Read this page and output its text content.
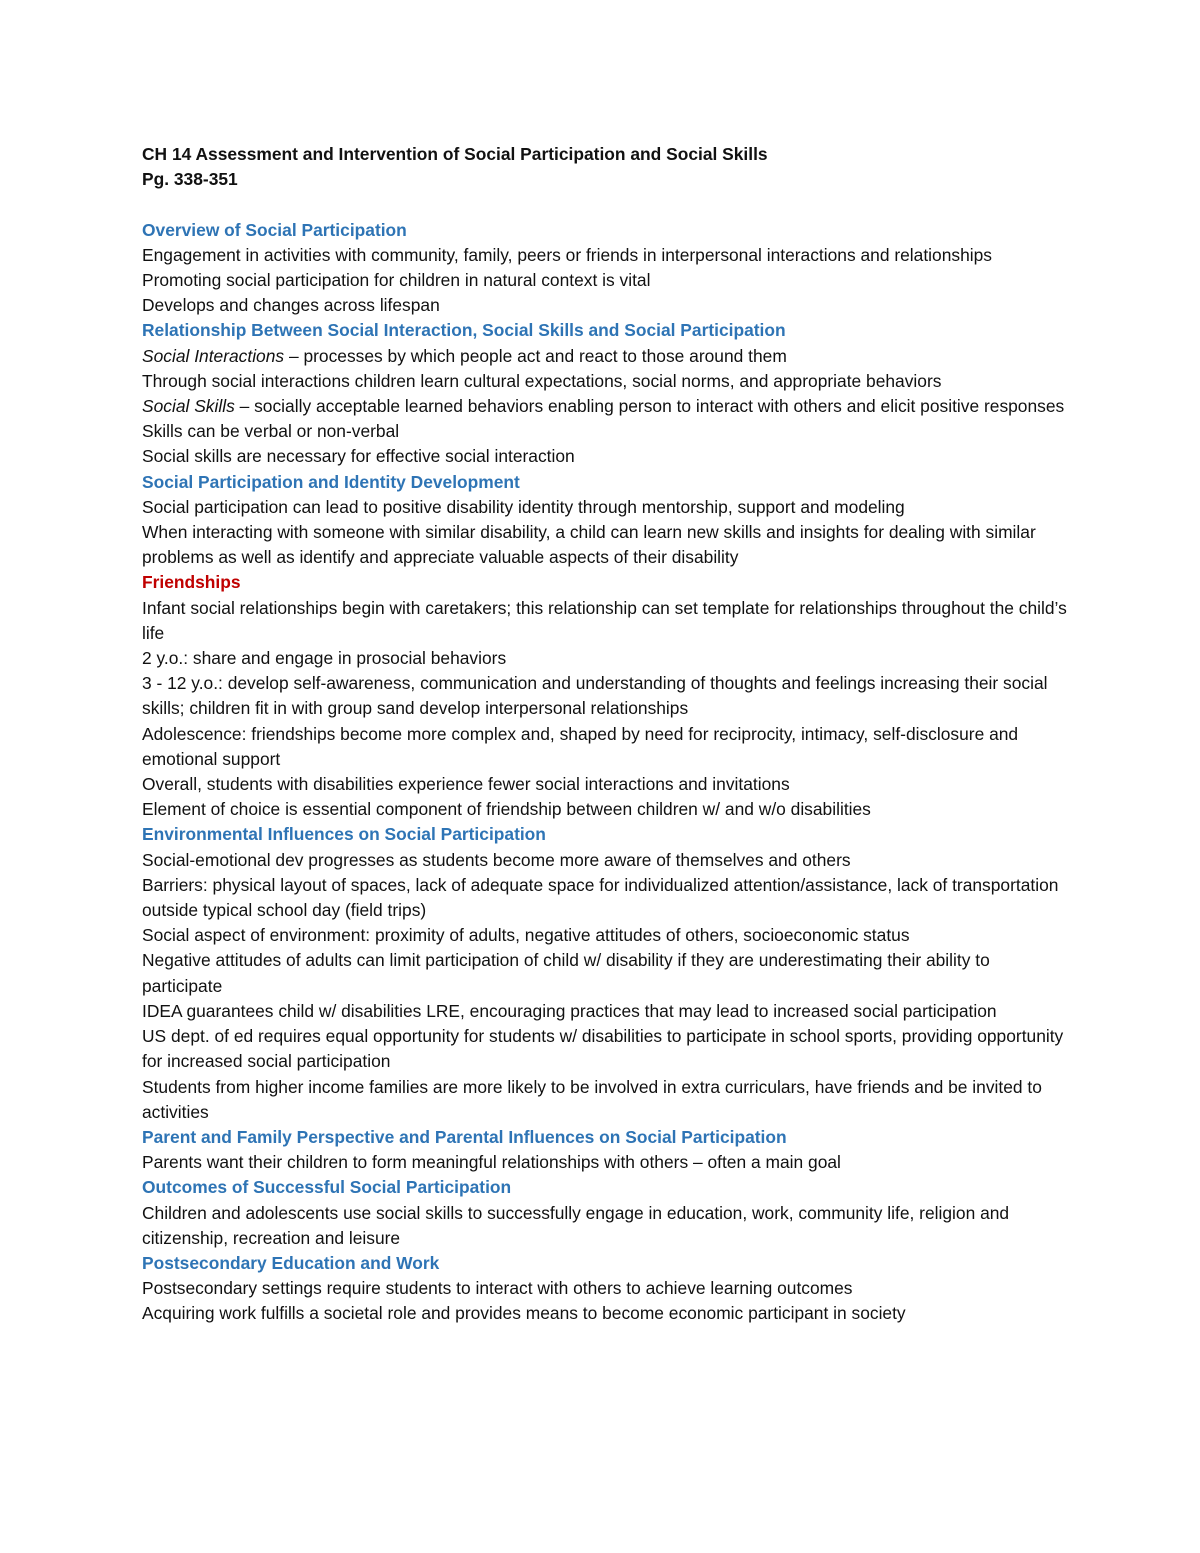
CH 14 Assessment and Intervention of Social Participation and Social Skills
Pg. 338-351
Overview of Social Participation
Engagement in activities with community, family, peers or friends in interpersonal interactions and relationships
Promoting social participation for children in natural context is vital
Develops and changes across lifespan
Relationship Between Social Interaction, Social Skills and Social Participation
Social Interactions – processes by which people act and react to those around them
Through social interactions children learn cultural expectations, social norms, and appropriate behaviors
Social Skills – socially acceptable learned behaviors enabling person to interact with others and elicit positive responses
Skills can be verbal or non-verbal
Social skills are necessary for effective social interaction
Social Participation and Identity Development
Social participation can lead to positive disability identity through mentorship, support and modeling
When interacting with someone with similar disability, a child can learn new skills and insights for dealing with similar problems as well as identify and appreciate valuable aspects of their disability
Friendships
Infant social relationships begin with caretakers; this relationship can set template for relationships throughout the child’s life
2 y.o.: share and engage in prosocial behaviors
3 - 12 y.o.: develop self-awareness, communication and understanding of thoughts and feelings increasing their social skills; children fit in with group sand develop interpersonal relationships
Adolescence: friendships become more complex and, shaped by need for reciprocity, intimacy, self-disclosure and emotional support
Overall, students with disabilities experience fewer social interactions and invitations
Element of choice is essential component of friendship between children w/ and w/o disabilities
Environmental Influences on Social Participation
Social-emotional dev progresses as students become more aware of themselves and others
Barriers: physical layout of spaces, lack of adequate space for individualized attention/assistance, lack of transportation outside typical school day (field trips)
Social aspect of environment: proximity of adults, negative attitudes of others, socioeconomic status
Negative attitudes of adults can limit participation of child w/ disability if they are underestimating their ability to participate
IDEA guarantees child w/ disabilities LRE, encouraging practices that may lead to increased social participation
US dept. of ed requires equal opportunity for students w/ disabilities to participate in school sports, providing opportunity for increased social participation
Students from higher income families are more likely to be involved in extra curriculars, have friends and be invited to activities
Parent and Family Perspective and Parental Influences on Social Participation
Parents want their children to form meaningful relationships with others – often a main goal
Outcomes of Successful Social Participation
Children and adolescents use social skills to successfully engage in education, work, community life, religion and citizenship, recreation and leisure
Postsecondary Education and Work
Postsecondary settings require students to interact with others to achieve learning outcomes
Acquiring work fulfills a societal role and provides means to become economic participant in society
